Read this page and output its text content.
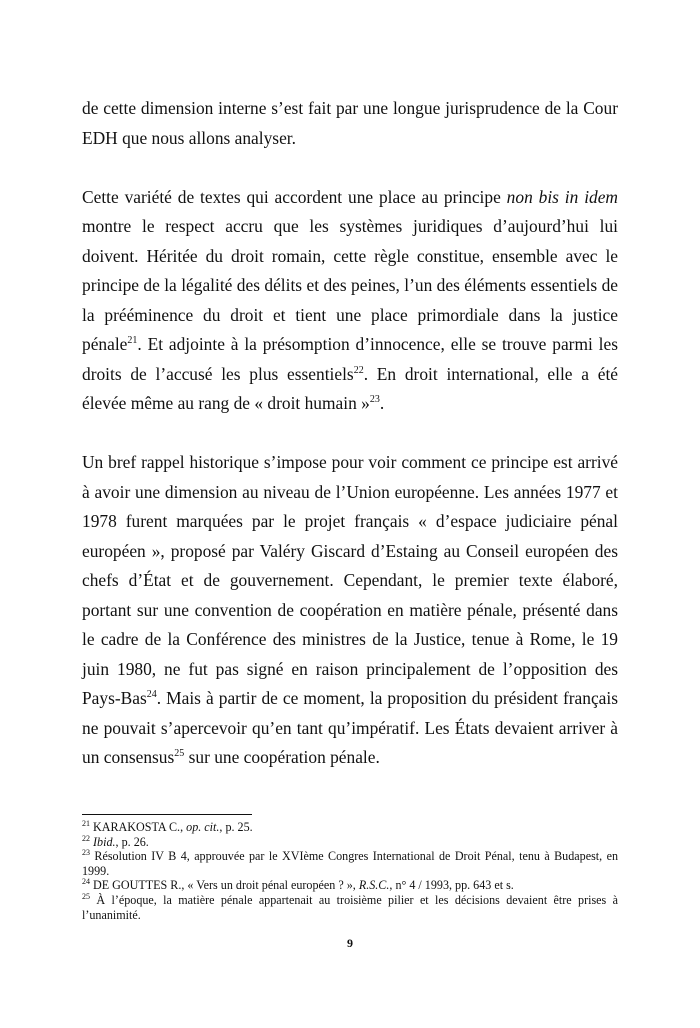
de cette dimension interne s’est fait par une longue jurisprudence de la Cour EDH que nous allons analyser.

Cette variété de textes qui accordent une place au principe non bis in idem montre le respect accru que les systèmes juridiques d’aujourd’hui lui doivent. Héritée du droit romain, cette règle constitue, ensemble avec le principe de la légalité des délits et des peines, l’un des éléments essentiels de la prééminence du droit et tient une place primordiale dans la justice pénale$^{21}$. Et adjointe à la présomption d’innocence, elle se trouve parmi les droits de l’accusé les plus essentiels$^{22}$. En droit international, elle a été élevée même au rang de « droit humain »$^{23}$.

Un bref rappel historique s’impose pour voir comment ce principe est arrivé à avoir une dimension au niveau de l’Union européenne. Les années 1977 et 1978 furent marquées par le projet français « d’espace judiciaire pénal européen », proposé par Valéry Giscard d’Estaing au Conseil européen des chefs d’État et de gouvernement. Cependant, le premier texte élaboré, portant sur une convention de coopération en matière pénale, présenté dans le cadre de la Conférence des ministres de la Justice, tenue à Rome, le 19 juin 1980, ne fut pas signé en raison principalement de l’opposition des Pays-Bas$^{24}$. Mais à partir de ce moment, la proposition du président français ne pouvait s’apercevoir qu’en tant qu’impératif. Les États devaient arriver à un consensus$^{25}$ sur une coopération pénale.

$^{21}$ KARAKOSTA C., op. cit., p. 25.

$^{22}$ Ibid., p. 26.

$^{23}$ Résolution IV B 4, approuvée par le XVIème Congres International de Droit Pénal, tenu à Budapest, en 1999.

$^{24}$ DE GOUTTES R., « Vers un droit pénal européen ? », R.S.C., n° 4 / 1993, pp. 643 et s.

$^{25}$ À l’époque, la matière pénale appartenait au troisième pilier et les décisions devaient être prises à l’unanimité.

9
